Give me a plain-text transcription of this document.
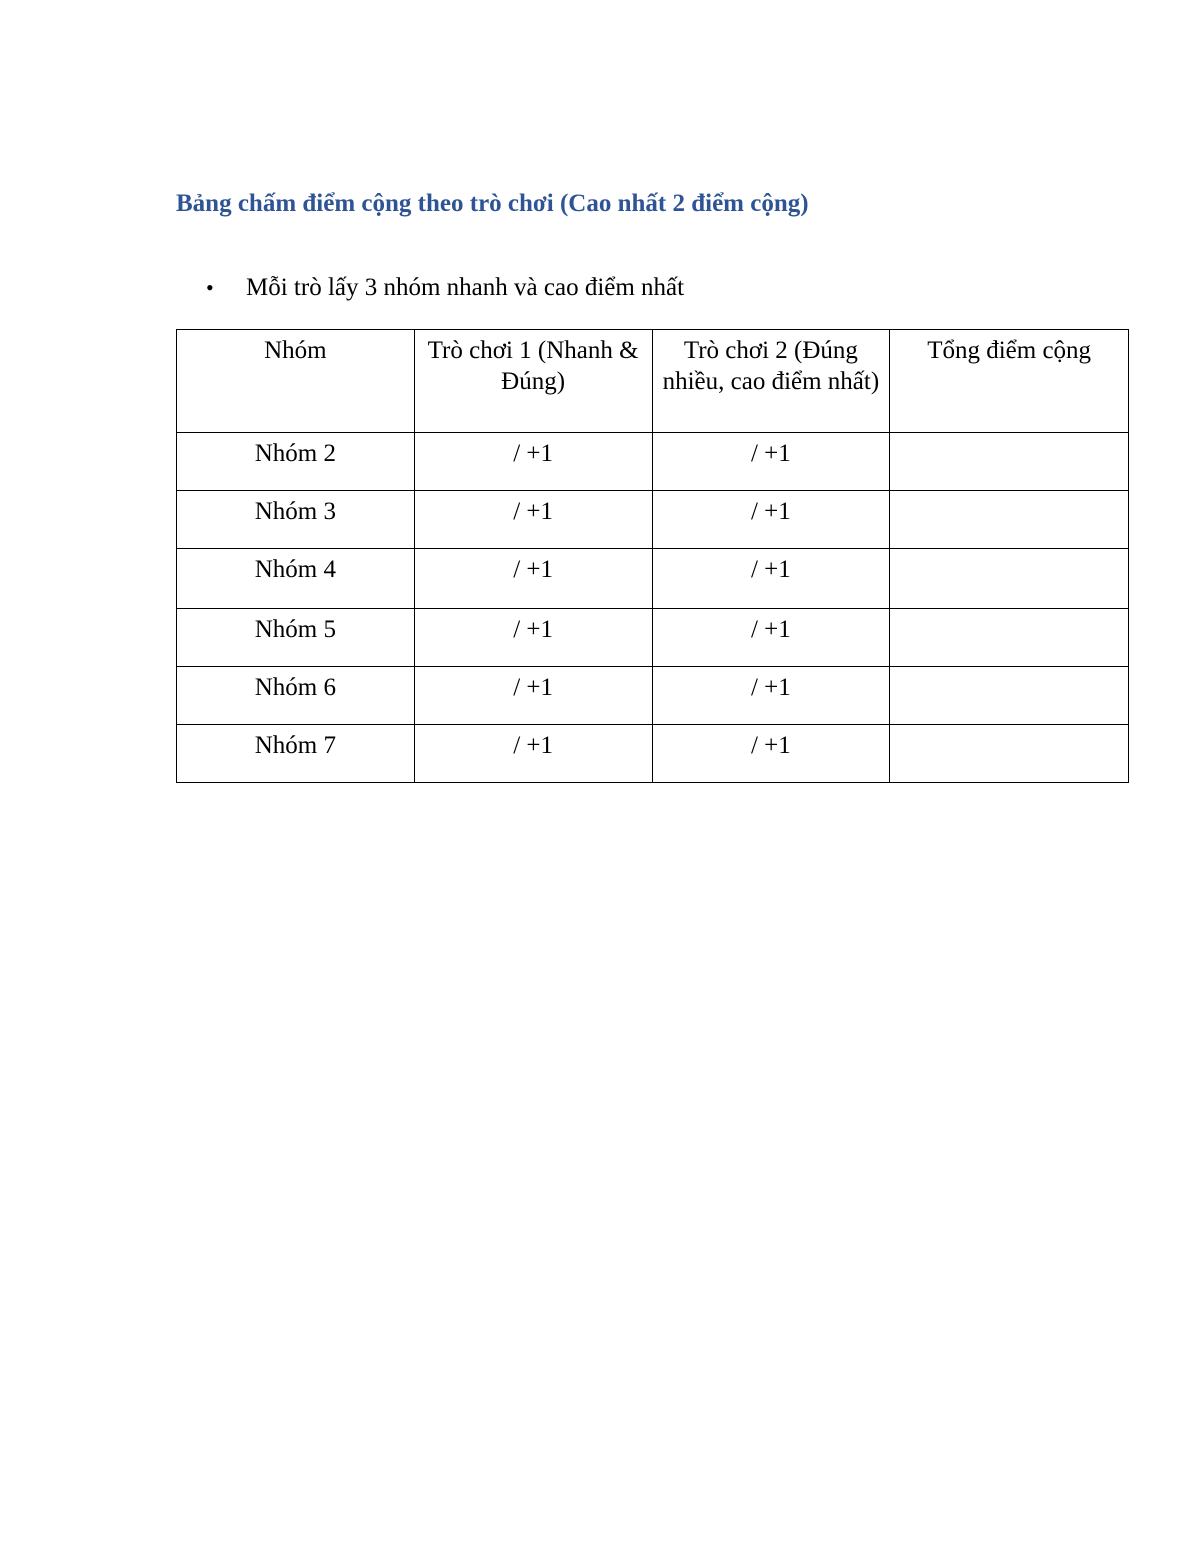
Bảng chấm điểm cộng theo trò chơi (Cao nhất 2 điểm cộng)
•	Mỗi trò lấy 3 nhóm nhanh và cao điểm nhất
Nhóm	Trò chơi 1 (Nhanh & Đúng)	Trò chơi 2 (Đúng nhiều, cao điểm nhất)	Tổng điểm cộng
Nhóm 2	/ +1	/ +1	
Nhóm 3	/ +1	/ +1	
Nhóm 4	/ +1	/ +1	
Nhóm 5	/ +1	/ +1	
Nhóm 6	/ +1	/ +1	
Nhóm 7	/ +1	/ +1	
